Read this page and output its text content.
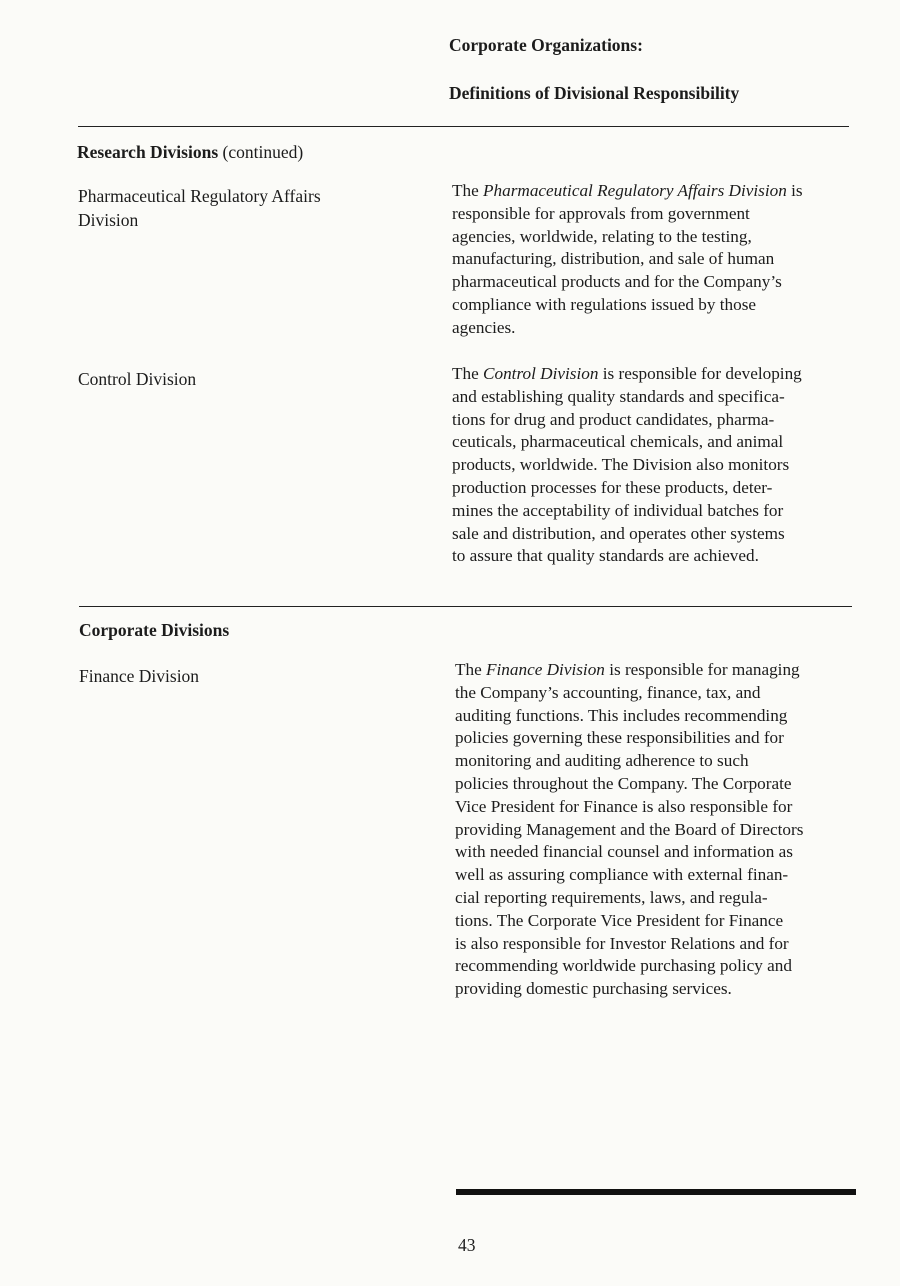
Corporate Organizations:
Definitions of Divisional Responsibility
Research Divisions (continued)
Pharmaceutical Regulatory Affairs Division
The Pharmaceutical Regulatory Affairs Division is
responsible for approvals from government
agencies, worldwide, relating to the testing,
manufacturing, distribution, and sale of human
pharmaceutical products and for the Company’s
compliance with regulations issued by those
agencies.
Control Division	The Control Division is responsible for developing
and establishing quality standards and specifica-
tions for drug and product candidates, pharma-
ceuticals, pharmaceutical chemicals, and animal
products, worldwide. The Division also monitors
production processes for these products, deter-
mines the acceptability of individual batches for
sale and distribution, and operates other systems
to assure that quality standards are achieved.
Corporate Divisions
Finance Division	The Finance Division is responsible for managing
the Company’s accounting, finance, tax, and
auditing functions. This includes recommending
policies governing these responsibilities and for
monitoring and auditing adherence to such
policies throughout the Company. The Corporate
Vice President for Finance is also responsible for
providing Management and the Board of Directors
with needed financial counsel and information as
well as assuring compliance with external finan-
cial reporting requirements, laws, and regula-
tions. The Corporate Vice President for Finance
is also responsible for Investor Relations and for
recommending worldwide purchasing policy and
providing domestic purchasing services.
43
